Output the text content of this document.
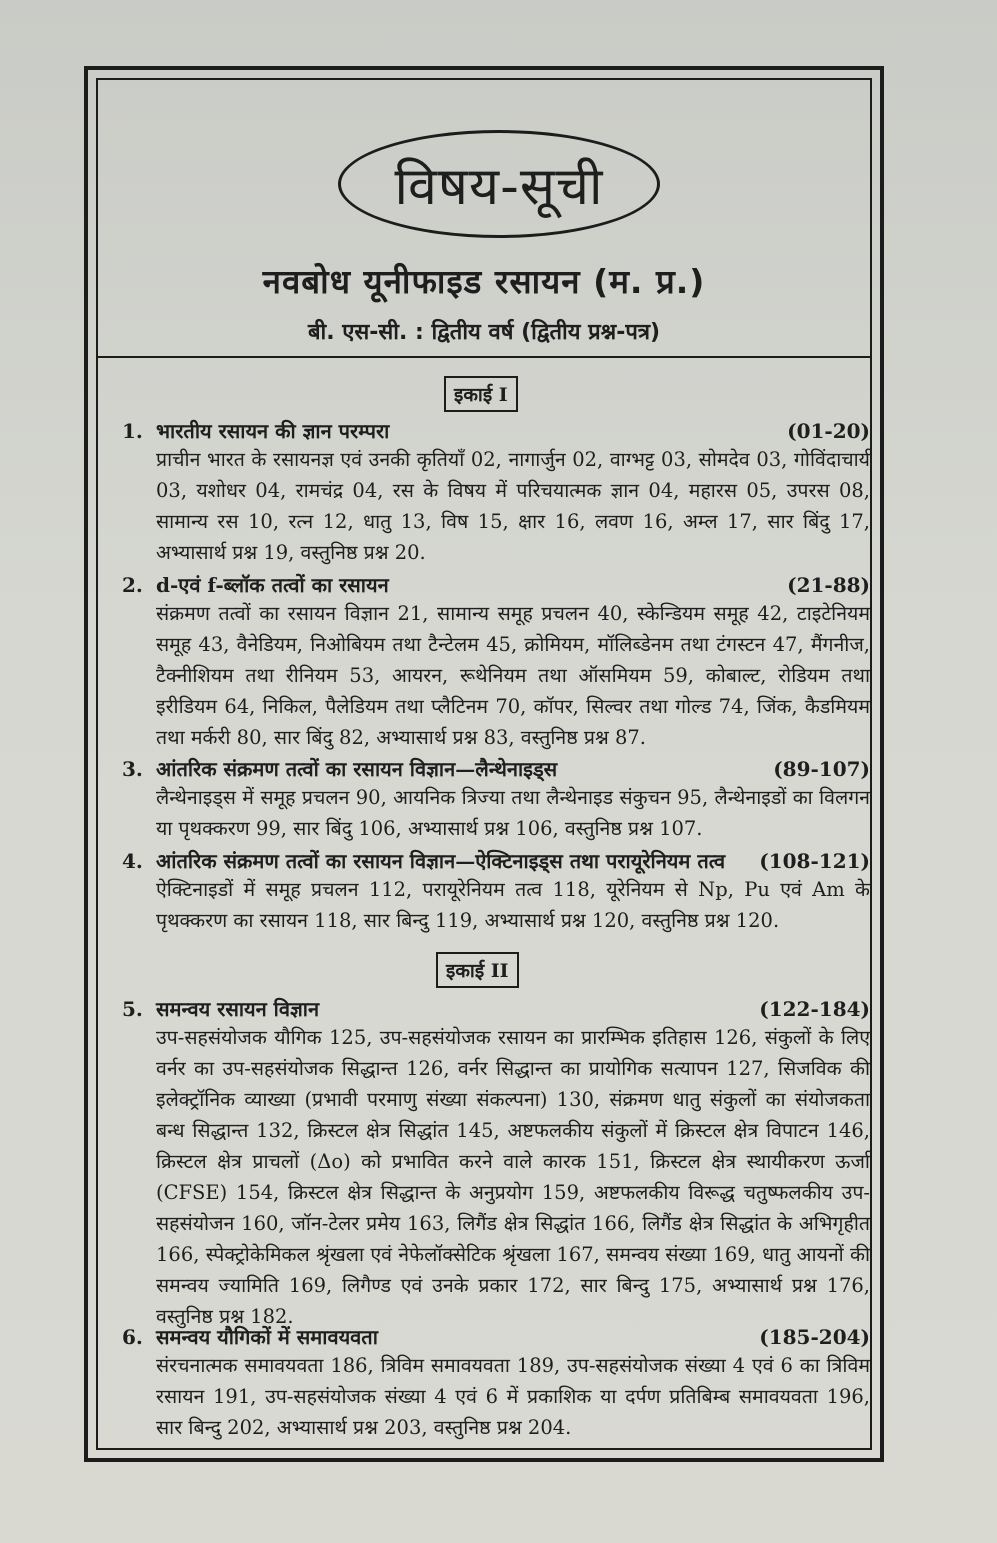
विषय-सूची
नवबोध यूनीफाइड रसायन (म. प्र.)
बी. एस-सी. : द्वितीय वर्ष (द्वितीय प्रश्न-पत्र)
इकाई I
1. भारतीय रसायन की ज्ञान परम्परा	(01-20)
प्राचीन भारत के रसायनज्ञ एवं उनकी कृतियाँ 02, नागार्जुन 02, वाग्भट्ट 03, सोमदेव 03, गोविंदाचार्य 03, यशोधर 04, रामचंद्र 04, रस के विषय में परिचयात्मक ज्ञान 04, महारस 05, उपरस 08, सामान्य रस 10, रत्न 12, धातु 13, विष 15, क्षार 16, लवण 16, अम्ल 17, सार बिंदु 17, अभ्यासार्थ प्रश्न 19, वस्तुनिष्ठ प्रश्न 20.
2. d-एवं f-ब्लॉक तत्वों का रसायन	(21-88)
संक्रमण तत्वों का रसायन विज्ञान 21, सामान्य समूह प्रचलन 40, स्केन्डियम समूह 42, टाइटेनियम समूह 43, वैनेडियम, निओबियम तथा टैन्टेलम 45, क्रोमियम, मॉलिब्डेनम तथा टंगस्टन 47, मैंगनीज, टैक्नीशियम तथा रीनियम 53, आयरन, रूथेनियम तथा ऑसमियम 59, कोबाल्ट, रोडियम तथा इरीडियम 64, निकिल, पैलेडियम तथा प्लैटिनम 70, कॉपर, सिल्वर तथा गोल्ड 74, जिंक, कैडमियम तथा मर्करी 80, सार बिंदु 82, अभ्यासार्थ प्रश्न 83, वस्तुनिष्ठ प्रश्न 87.
3. आंतरिक संक्रमण तत्वों का रसायन विज्ञान—लैन्थेनाइड्स	(89-107)
लैन्थेनाइड्स में समूह प्रचलन 90, आयनिक त्रिज्या तथा लैन्थेनाइड संकुचन 95, लैन्थेनाइडों का विलगन या पृथक्करण 99, सार बिंदु 106, अभ्यासार्थ प्रश्न 106, वस्तुनिष्ठ प्रश्न 107.
4. आंतरिक संक्रमण तत्वों का रसायन विज्ञान—ऐक्टिनाइड्स तथा परायूरेनियम तत्व	(108-121)
ऐक्टिनाइडों में समूह प्रचलन 112, परायूरेनियम तत्व 118, यूरेनियम से Np, Pu एवं Am के पृथक्करण का रसायन 118, सार बिन्दु 119, अभ्यासार्थ प्रश्न 120, वस्तुनिष्ठ प्रश्न 120.
इकाई II
5. समन्वय रसायन विज्ञान	(122-184)
उप-सहसंयोजक यौगिक 125, उप-सहसंयोजक रसायन का प्रारम्भिक इतिहास 126, संकुलों के लिए वर्नर का उप-सहसंयोजक सिद्धान्त 126, वर्नर सिद्धान्त का प्रायोगिक सत्यापन 127, सिजविक की इलेक्ट्रॉनिक व्याख्या (प्रभावी परमाणु संख्या संकल्पना) 130, संक्रमण धातु संकुलों का संयोजकता बन्ध सिद्धान्त 132, क्रिस्टल क्षेत्र सिद्धांत 145, अष्टफलकीय संकुलों में क्रिस्टल क्षेत्र विपाटन 146, क्रिस्टल क्षेत्र प्राचलों (Δo) को प्रभावित करने वाले कारक 151, क्रिस्टल क्षेत्र स्थायीकरण ऊर्जा (CFSE) 154, क्रिस्टल क्षेत्र सिद्धान्त के अनुप्रयोग 159, अष्टफलकीय विरूद्ध चतुष्फलकीय उप-सहसंयोजन 160, जॉन-टेलर प्रमेय 163, लिगैंड क्षेत्र सिद्धांत 166, लिगैंड क्षेत्र सिद्धांत के अभिगृहीत 166, स्पेक्ट्रोकेमिकल श्रृंखला एवं नेफेलॉक्सेटिक श्रृंखला 167, समन्वय संख्या 169, धातु आयनों की समन्वय ज्यामिति 169, लिगैण्ड एवं उनके प्रकार 172, सार बिन्दु 175, अभ्यासार्थ प्रश्न 176, वस्तुनिष्ठ प्रश्न 182.
6. समन्वय यौगिकों में समावयवता	(185-204)
संरचनात्मक समावयवता 186, त्रिविम समावयवता 189, उप-सहसंयोजक संख्या 4 एवं 6 का त्रिविम रसायन 191, उप-सहसंयोजक संख्या 4 एवं 6 में प्रकाशिक या दर्पण प्रतिबिम्ब समावयवता 196, सार बिन्दु 202, अभ्यासार्थ प्रश्न 203, वस्तुनिष्ठ प्रश्न 204.
